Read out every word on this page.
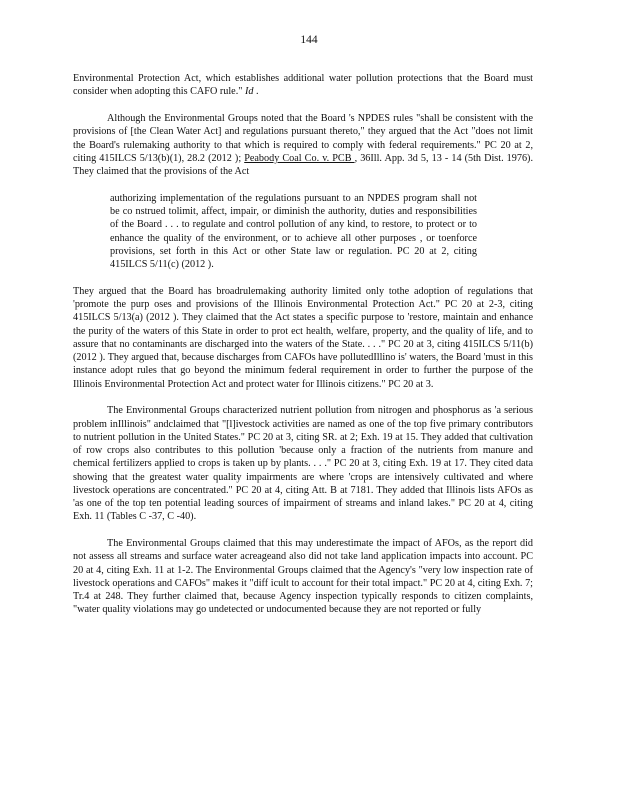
144

Environmental Protection Act, which establishes additional water pollution protections that the Board must consider when adopting this CAFO rule." Id .

Although the Environmental Groups noted that the Board 's NPDES rules "shall be consistent with the provisions of [the Clean Water Act] and regulations pursuant thereto," they argued that the Act "does not limit the Board's rulemaking authority to that which is required to comply with federal requirements." PC 20 at 2, citing 415ILCS 5/13(b)(1), 28.2 (2012 ); Peabody Coal Co. v. PCB , 36Ill. App. 3d 5, 13 - 14 (5th Dist. 1976). They claimed that the provisions of the Act

authorizing implementation of the regulations pursuant to an NPDES program shall not be co nstrued tolimit, affect, impair, or diminish the authority, duties and responsibilities of the Board . . . to regulate and control pollution of any kind, to restore, to protect or to enhance the quality of the environment, or to achieve all other purposes , or toenforce provisions, set forth in this Act or other State law or regulation. PC 20 at 2, citing 415ILCS 5/11(c) (2012 ).

They argued that the Board has broadrulemaking authority limited only tothe adoption of regulations that 'promote the purp oses and provisions of the Illinois Environmental Protection Act." PC 20 at 2-3, citing 415ILCS 5/13(a) (2012 ). They claimed that the Act states a specific purpose to 'restore, maintain and enhance the purity of the waters of this State in order to prot ect health, welfare, property, and the quality of life, and to assure that no contaminants are discharged into the waters of the State. . . ." PC 20 at 3, citing 415ILCS 5/11(b) (2012 ). They argued that, because discharges from CAFOs have pollutedIllino is' waters, the Board 'must in this instance adopt rules that go beyond the minimum federal requirement in order to further the purpose of the Illinois Environmental Protection Act and protect water for Illinois citizens." PC 20 at 3.

The Environmental Groups characterized nutrient pollution from nitrogen and phosphorus as 'a serious problem inIllinois" andclaimed that "[l]ivestock activities are named as one of the top five primary contributors to nutrient pollution in the United States." PC 20 at 3, citing SR. at 2; Exh. 19 at 15. They added that cultivation of row crops also contributes to this pollution 'because only a fraction of the nutrients from manure and chemical fertilizers applied to crops is taken up by plants. . . ." PC 20 at 3, citing Exh. 19 at 17. They cited data showing that the greatest water quality impairments are where 'crops are intensively cultivated and where livestock operations are concentrated." PC 20 at 4, citing Att. B at 7181. They added that Illinois lists AFOs as 'as one of the top ten potential leading sources of impairment of streams and inland lakes." PC 20 at 4, citing Exh. 11 (Tables C -37, C -40).

The Environmental Groups claimed that this may underestimate the impact of AFOs, as the report did not assess all streams and surface water acreageand also did not take land application impacts into account. PC 20 at 4, citing Exh. 11 at 1-2. The Environmental Groups claimed that the Agency's "very low inspection rate of livestock operations and CAFOs" makes it "diff icult to account for their total impact." PC 20 at 4, citing Exh. 7; Tr.4 at 248. They further claimed that, because Agency inspection typically responds to citizen complaints, "water quality violations may go undetected or undocumented because they are not reported or fully
